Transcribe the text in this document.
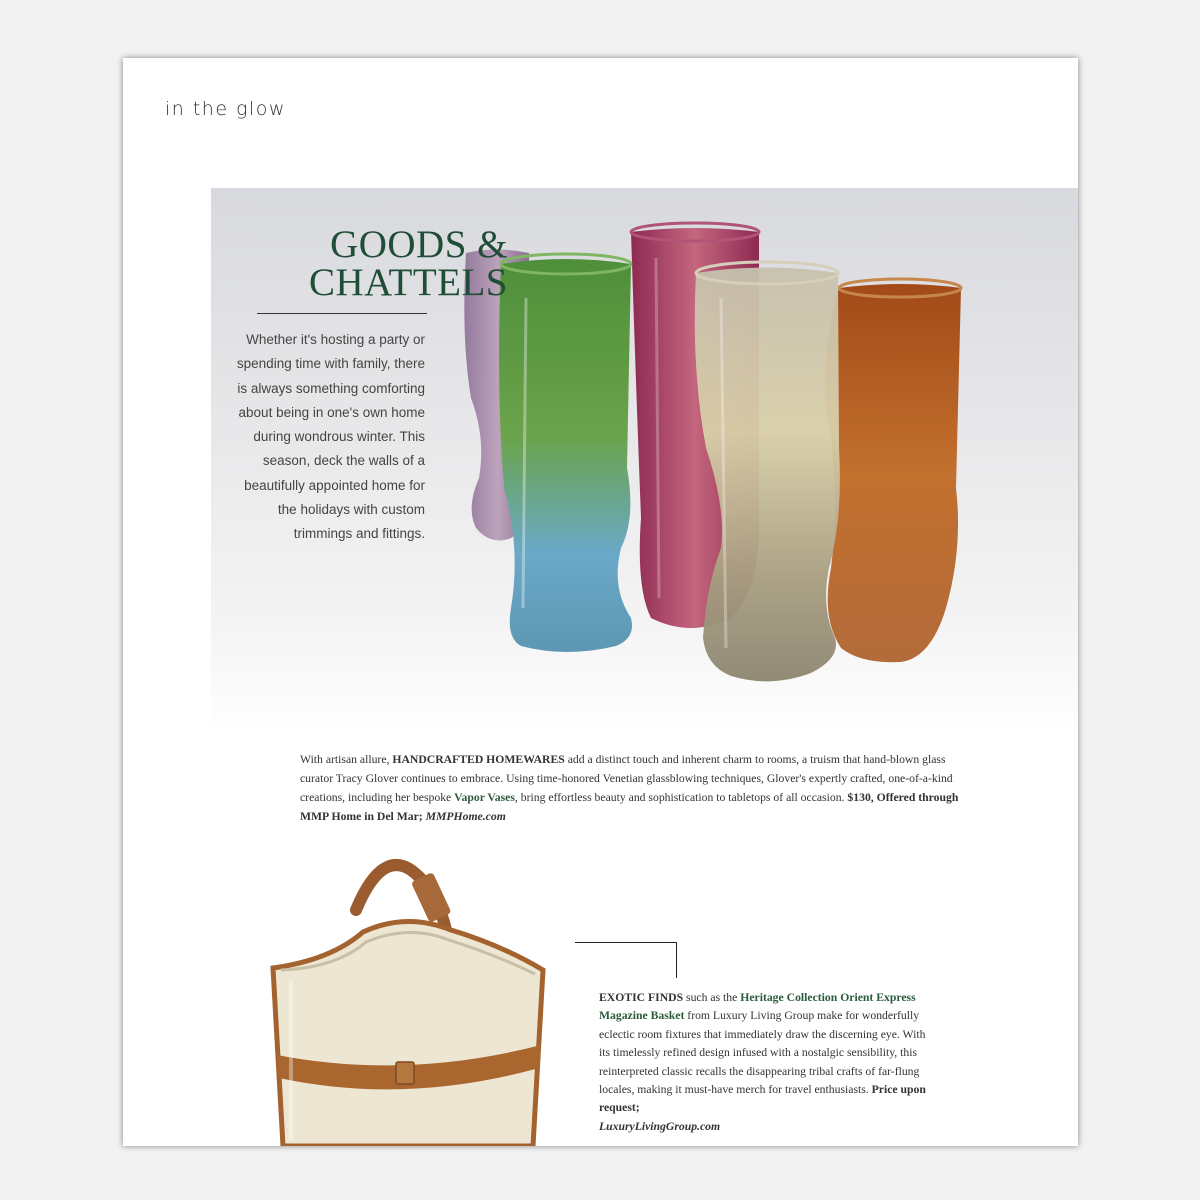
in the glow
GOODS &
CHATTELS
Whether it's hosting a party or spending time with family, there is always something comforting about being in one's own home during wondrous winter. This season, deck the walls of a beautifully appointed home for the holidays with custom trimmings and fittings.
With artisan allure, HANDCRAFTED HOMEWARES add a distinct touch and inherent charm to rooms, a truism that hand-blown glass curator Tracy Glover continues to embrace. Using time-honored Venetian glassblowing techniques, Glover's expertly crafted, one-of-a-kind creations, including her bespoke Vapor Vases, bring effortless beauty and sophistication to tabletops of all occasion. $130, Offered through MMP Home in Del Mar; MMPHome.com
EXOTIC FINDS such as the Heritage Collection Orient Express Magazine Basket from Luxury Living Group make for wonderfully eclectic room fixtures that immediately draw the discerning eye. With its timelessly refined design infused with a nostalgic sensibility, this reinterpreted classic recalls the disappearing tribal crafts of far-flung locales, making it must-have merch for travel enthusiasts. Price upon request;
LuxuryLivingGroup.com
